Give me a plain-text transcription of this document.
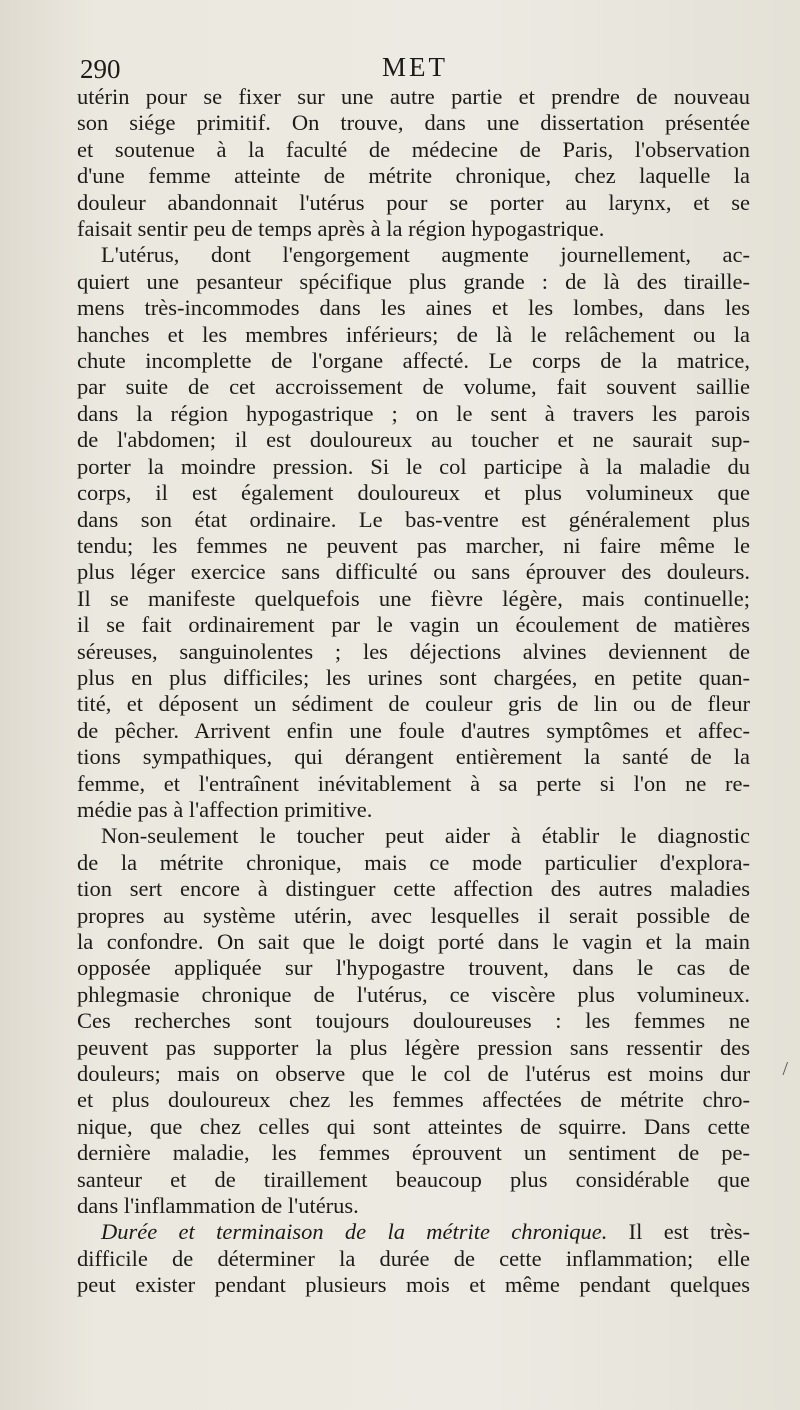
290	MET
utérin pour se fixer sur une autre partie et prendre de nouveau
son siége primitif. On trouve, dans une dissertation présentée
et soutenue à la faculté de médecine de Paris, l'observation
d'une femme atteinte de métrite chronique, chez laquelle la
douleur abandonnait l'utérus pour se porter au larynx, et se
faisait sentir peu de temps après à la région hypogastrique.
L'utérus, dont l'engorgement augmente journellement, ac-
quiert une pesanteur spécifique plus grande : de là des tiraille-
mens très-incommodes dans les aines et les lombes, dans les
hanches et les membres inférieurs; de là le relâchement ou la
chute incomplette de l'organe affecté. Le corps de la matrice,
par suite de cet accroissement de volume, fait souvent saillie
dans la région hypogastrique ; on le sent à travers les parois
de l'abdomen; il est douloureux au toucher et ne saurait sup-
porter la moindre pression. Si le col participe à la maladie du
corps, il est également douloureux et plus volumineux que
dans son état ordinaire. Le bas-ventre est généralement plus
tendu; les femmes ne peuvent pas marcher, ni faire même le
plus léger exercice sans difficulté ou sans éprouver des douleurs.
Il se manifeste quelquefois une fièvre légère, mais continuelle;
il se fait ordinairement par le vagin un écoulement de matières
séreuses, sanguinolentes ; les déjections alvines deviennent de
plus en plus difficiles; les urines sont chargées, en petite quan-
tité, et déposent un sédiment de couleur gris de lin ou de fleur
de pêcher. Arrivent enfin une foule d'autres symptômes et affec-
tions sympathiques, qui dérangent entièrement la santé de la
femme, et l'entraînent inévitablement à sa perte si l'on ne re-
médie pas à l'affection primitive.
Non-seulement le toucher peut aider à établir le diagnostic
de la métrite chronique, mais ce mode particulier d'explora-
tion sert encore à distinguer cette affection des autres maladies
propres au système utérin, avec lesquelles il serait possible de
la confondre. On sait que le doigt porté dans le vagin et la main
opposée appliquée sur l'hypogastre trouvent, dans le cas de
phlegmasie chronique de l'utérus, ce viscère plus volumineux.
Ces recherches sont toujours douloureuses : les femmes ne
peuvent pas supporter la plus légère pression sans ressentir des
douleurs; mais on observe que le col de l'utérus est moins dur
et plus douloureux chez les femmes affectées de métrite chro-
nique, que chez celles qui sont atteintes de squirre. Dans cette
dernière maladie, les femmes éprouvent un sentiment de pe-
santeur et de tiraillement beaucoup plus considérable que
dans l'inflammation de l'utérus.
Durée et terminaison de la métrite chronique. Il est très-
difficile de déterminer la durée de cette inflammation; elle
peut exister pendant plusieurs mois et même pendant quelques
/
